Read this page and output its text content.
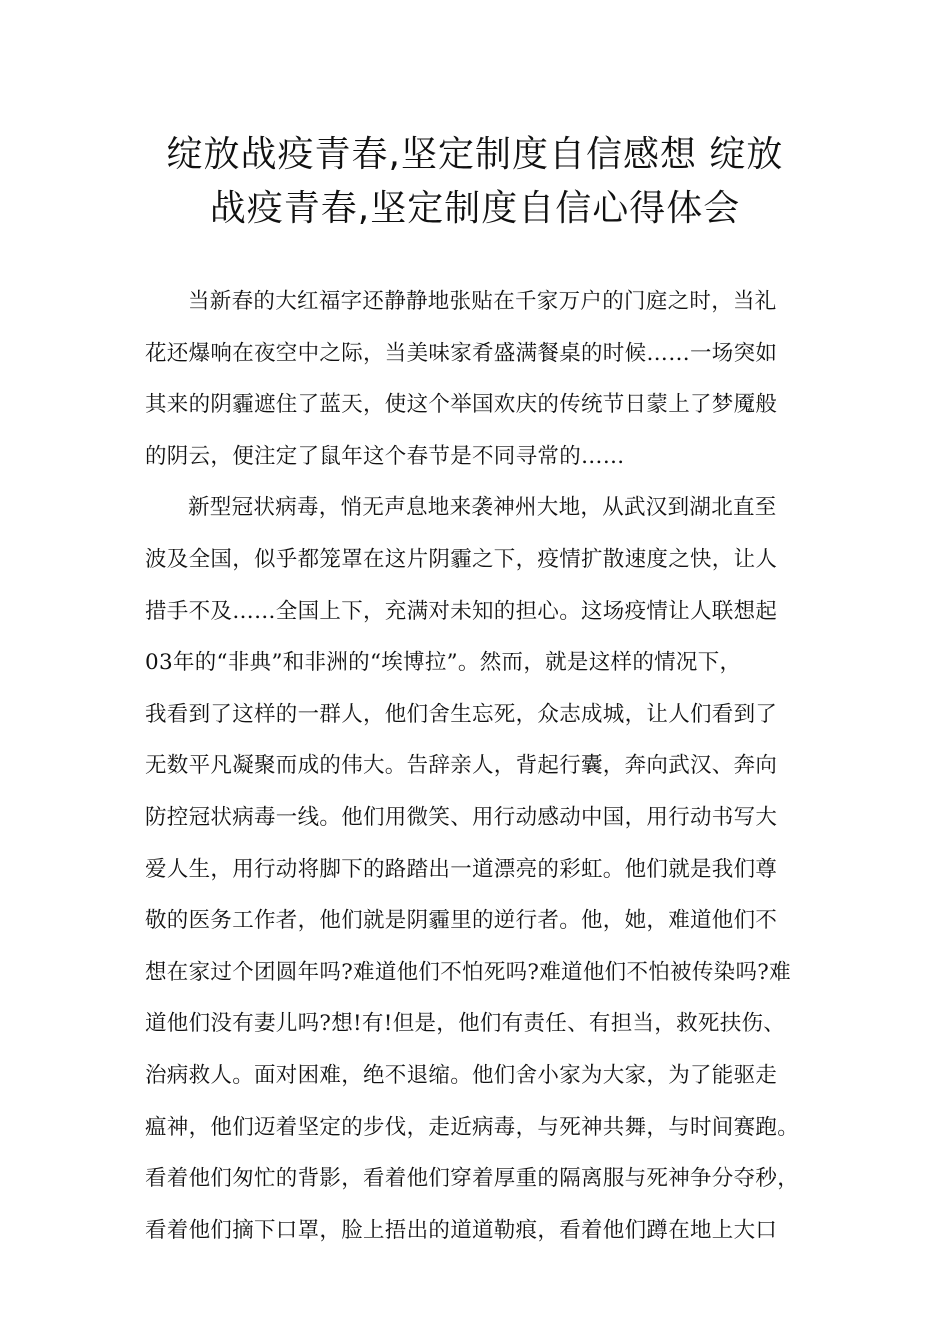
绽放战疫青春,坚定制度自信感想 绽放
战疫青春,坚定制度自信心得体会
当新春的大红福字还静静地张贴在千家万户的门庭之时，当礼
花还爆响在夜空中之际，当美味家肴盛满餐桌的时候……一场突如
其来的阴霾遮住了蓝天，使这个举国欢庆的传统节日蒙上了梦魇般
的阴云，便注定了鼠年这个春节是不同寻常的……
新型冠状病毒，悄无声息地来袭神州大地，从武汉到湖北直至
波及全国，似乎都笼罩在这片阴霾之下，疫情扩散速度之快，让人
措手不及……全国上下，充满对未知的担心。这场疫情让人联想起
03年的“非典”和非洲的“埃博拉”。然而，就是这样的情况下，
我看到了这样的一群人，他们舍生忘死，众志成城，让人们看到了
无数平凡凝聚而成的伟大。告辞亲人，背起行囊，奔向武汉、奔向
防控冠状病毒一线。他们用微笑、用行动感动中国，用行动书写大
爱人生，用行动将脚下的路踏出一道漂亮的彩虹。他们就是我们尊
敬的医务工作者，他们就是阴霾里的逆行者。他，她，难道他们不
想在家过个团圆年吗?难道他们不怕死吗?难道他们不怕被传染吗?难
道他们没有妻儿吗?想!有!但是，他们有责任、有担当，救死扶伤、
治病救人。面对困难，绝不退缩。他们舍小家为大家，为了能驱走
瘟神，他们迈着坚定的步伐，走近病毒，与死神共舞，与时间赛跑。
看着他们匆忙的背影，看着他们穿着厚重的隔离服与死神争分夺秒，
看着他们摘下口罩，脸上捂出的道道勒痕，看着他们蹲在地上大口
